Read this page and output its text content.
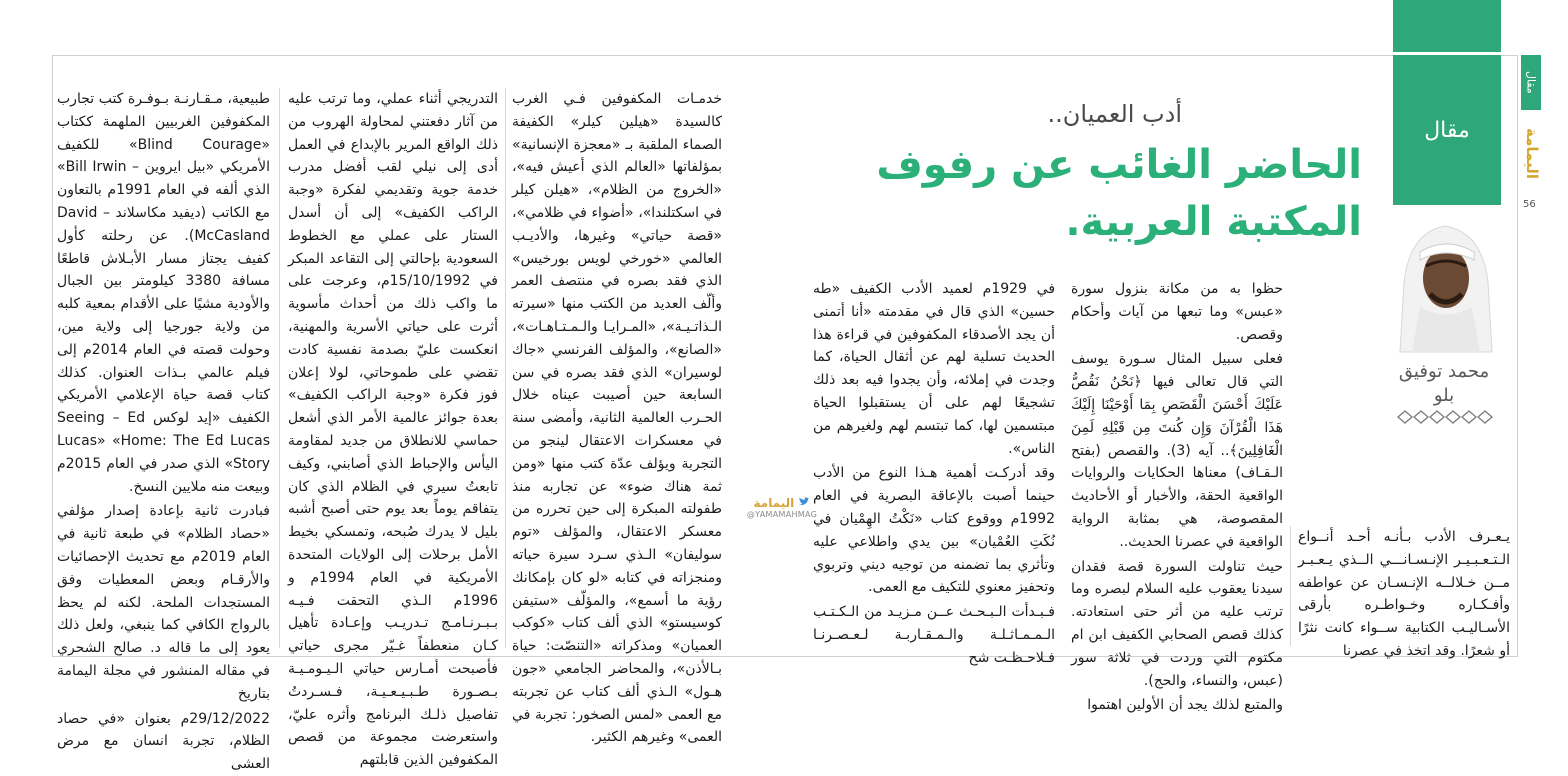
مقال
مقال
اليمامة
56
محمد توفيق
بلو
أدب العميان..
الحاضر الغائب عن رفوف المكتبة العربية.
اليمامة
@YAMAMAHMAG

خدمـات المكفوفين فـي الغرب كالسيدة «هيلين كيلر» الكفيفة الصماء الملقبة بـ «معجزة الإنسانية» بمؤلفاتها «العالم الذي أعيش فيه»، «الخروج من الظلام»، «هيلن كيلر في اسكتلندا»، «أضواء في ظلامي»، «قصة حياتي» وغيرها، والأديـب العالمي «خورخي لويس بورخيس» الذي فقد بصره في منتصف العمر وألّف العديد من الكتب منها «سيرته الـذاتـيـة»، «المـرايـا والـمـتـاهـات»، «الصانع»، والمؤلف الفرنسي «جاك لوسيران» الذي فقد بصره في سن السابعة حين أصيبت عيناه خلال الحـرب العالمية الثانية، وأمضى سنة في معسكرات الاعتقال لينجو من التجربة ويؤلف عدّة كتب منها «ومن ثمة هناك ضوء» عن تجاربه منذ طفولته المبكرة إلى حين تحرره من معسكر الاعتقال، والمؤلف «توم سوليفان» الـذي سـرد سيرة حياته ومنجزاته في كتابه «لو كان بإمكانك رؤية ما أسمع»، والمؤلّف «ستيفن كوسيستو» الذي ألف كتاب «كوكب العميان» ومذكراته «التنصّت: حياة بـالأذن»، والمحاضر الجامعي «جون هـول» الـذي ألف كتاب عن تجربته مع العمى «لمس الصخور: تجربة في العمى» وغيرهم الكثير.

التدريجي أثناء عملي، وما ترتب عليه من آثار دفعتني لمحاولة الهروب من ذلك الواقع المرير بالإبداع في العمل أدى إلى نيلي لقب أفضل مدرب خدمة جوية وتقديمي لفكرة «وجبة الراكب الكفيف» إلى أن أسدل الستار على عملي مع الخطوط السعودية بإحالتي إلى التقاعد المبكر في 15/10/1992م، وعرجت على ما واكب ذلك من أحداث مأسوية أثرت على حياتي الأسرية والمهنية، انعكست عليّ بصدمة نفسية كادت تقضي على طموحاتي، لولا إعلان فوز فكرة «وجبة الراكب الكفيف» بعدة جوائز عالمية الأمر الذي أشعل حماسي للانطلاق من جديد لمقاومة اليأس والإحباط الذي أصابني، وكيف تابعتُ سيري في الظلام الذي كان يتفاقم يوماً بعد يوم حتى أصبح أشبه بليل لا يدرك صُبحه، وتمسكي بخيط الأمل برحلات إلى الولايات المتحدة الأمريكية في العام 1994م و 1996م الـذي التحقت فـيـه بـبـرنـامـج تـدريـب وإعـادة تأهيل كـان منعطفاً غـيّر مجرى حياتي فأصبحت أمـارس حياتي الـيـومـيـة بـصـورة طـبـيـعـيـة، فـسـردتُ تفاصيل ذلـك البرنامج وأثره عليّ، واستعرضت مجموعة من قصص المكفوفين الذين قابلتهم

طبيعية، مـقـارنـة بـوفـرة كتب تجارب المكفوفين الغربيين الملهمة ككتاب «Blind Courage» للكفيف الأمريكي «بيل ايروين – Bill Irwin» الذي ألفه في العام 1991م بالتعاون مع الكاتب (ديفيد مكاسلاند – David McCasland). عن رحلته كأول كفيف يجتاز مسار الأبـلاش قاطعًا مسافة 3380 كيلومتر بين الجبال والأودية مشيًا على الأقدام بمعية كلبه من ولاية جورجيا إلى ولاية مين، وحولت قصته في العام 2014م إلى فيلم عالمي بـذات العنوان. كذلك كتاب قصة حياة الإعلامي الأمريكي الكفيف «إيد لوكس Seeing – Ed Lucas» «Home: The Ed Lucas Story» الذي صدر في العام 2015م وبيعت منه ملايين النسخ.

فبادرت ثانية بإعادة إصدار مؤلفي «حصاد الظلام» في طبعة ثانية في العام 2019م مع تحديث الإحصائيات والأرقـام وبعض المعطيات وفق المستجدات الملحة. لكنه لم يحظ بالرواج الكافي كما ينبغي، ولعل ذلك يعود إلى ما قاله د. صالح الشحري في مقاله المنشور في مجلة اليمامة بتاريخ

29/12/2022م بعنوان «في حصاد الظلام، تجربة انسان مع مرض العشى

حظوا به من مكانة بنزول سورة «عبس» وما تبعها من آيات وأحكام وقصص.

فعلى سبيل المثال سـورة يوسف التي قال تعالى فيها ﴿نَحْنُ نَقُصُّ عَلَيْكَ أَحْسَنَ الْقَصَصِ بِمَا أَوْحَيْنَا إِلَيْكَ هَذَا الْقُرْآنَ وَإِن كُنتَ مِن قَبْلِهِ لَمِنَ الْغَافِلِينَ﴾.. آيه (3). والقصص (بفتح الـقـاف) معناها الحكايات والروايات الواقعية الحقة، والأخبار أو الأحاديث المقصوصة، هي بمثابة الرواية الواقعية في عصرنا الحديث..

حيث تناولت السورة قصة فقدان سيدنا يعقوب عليه السلام لبصره وما ترتب عليه من أثر حتى استعادته. كذلك قصص الصحابي الكفيف ابن ام مكتوم التي وردت في ثلاثة سور (عبس، والنساء، والحج).

والمتبع لذلك يجد أن الأولين اهتموا

في 1929م لعميد الأدب الكفيف «طه حسين» الذي قال في مقدمته «أنا أتمنى أن يجد الأصدقاء المكفوفين في قراءة هذا الحديث تسلية لهم عن أثقال الحياة، كما وجدت في إملائه، وأن يجدوا فيه بعد ذلك تشجيعًا لهم على أن يستقبلوا الحياة مبتسمين لها، كما تبتسم لهم ولغيرهم من الناس».

وقد أدركـت أهمية هـذا النوع من الأدب حينما أصبت بالإعاقة البصرية في العام 1992م ووقوع كتاب «نَكْتُ الهِمْيان في نُكَتِ العُمْيان» بين يدي واطلاعي عليه وتأثري بما تضمنه من توجيه ديني وتربوي وتحفيز معنوي للتكيف مع العمى.

فـبـدأت الـبـحـث عــن مـزيـد من الـكـتـب الـمـمـاثـلـة والـمـقـاربـة لـعـصـرنـا فـلاحـظـت شح

يـعـرف الأدب بـأنـه أحـد أنــواع الـتـعـبـيـر الإنـسـانـــي الــذي يـعـبـر مــن خـلالــه الإنـسـان عن عواطفه وأفـكـاره وخـواطـره بأرقى الأسـاليـب الكتابية ســواء كانت نثرًا أو شعرًا. وقد اتخذ في عصرنا
